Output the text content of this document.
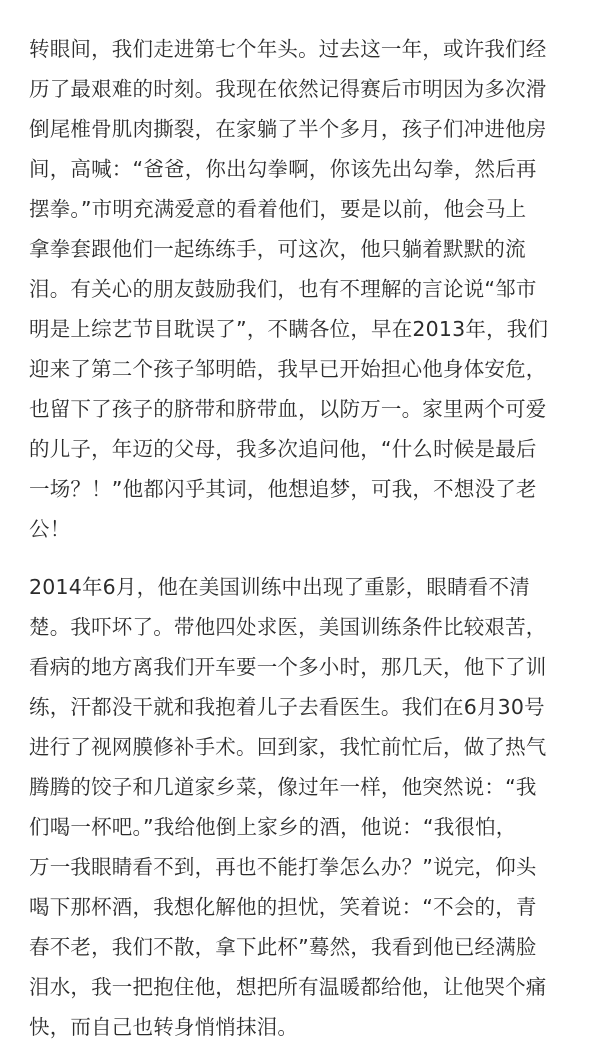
转眼间，我们走进第七个年头。过去这一年，或许我们经
历了最艰难的时刻。我现在依然记得赛后市明因为多次滑
倒尾椎骨肌肉撕裂，在家躺了半个多月，孩子们冲进他房
间，高喊：“爸爸，你出勾拳啊，你该先出勾拳，然后再
摆拳。”市明充满爱意的看着他们，要是以前，他会马上
拿拳套跟他们一起练练手，可这次，他只躺着默默的流
泪。有关心的朋友鼓励我们，也有不理解的言论说“邹市
明是上综艺节目耽误了”，不瞒各位，早在2013年，我们
迎来了第二个孩子邹明皓，我早已开始担心他身体安危，
也留下了孩子的脐带和脐带血，以防万一。家里两个可爱
的儿子，年迈的父母，我多次追问他，“什么时候是最后
一场？！”他都闪乎其词，他想追梦，可我，不想没了老
公！
2014年6月，他在美国训练中出现了重影，眼睛看不清
楚。我吓坏了。带他四处求医，美国训练条件比较艰苦，
看病的地方离我们开车要一个多小时，那几天，他下了训
练，汗都没干就和我抱着儿子去看医生。我们在6月30号
进行了视网膜修补手术。回到家，我忙前忙后，做了热气
腾腾的饺子和几道家乡菜，像过年一样，他突然说：“我
们喝一杯吧。”我给他倒上家乡的酒，他说：“我很怕，
万一我眼睛看不到，再也不能打拳怎么办？”说完，仰头
喝下那杯酒，我想化解他的担忧，笑着说：“不会的，青
春不老，我们不散，拿下此杯”蓦然，我看到他已经满脸
泪水，我一把抱住他，想把所有温暖都给他，让他哭个痛
快，而自己也转身悄悄抹泪。
